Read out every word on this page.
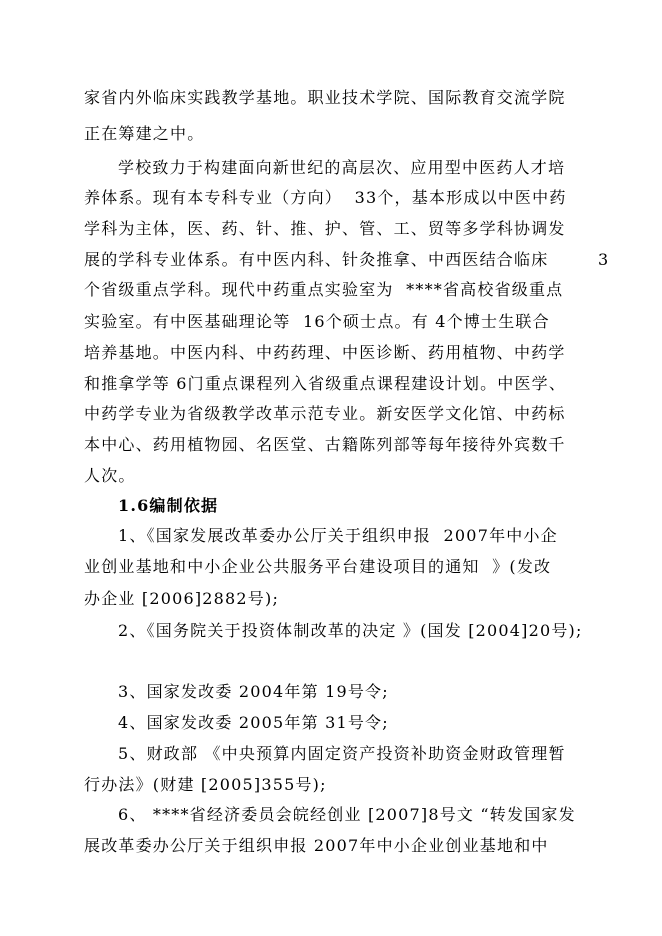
家省内外临床实践教学基地。职业技术学院、国际教育交流学院
正在筹建之中。
学校致力于构建面向新世纪的高层次、应用型中医药人才培
养体系。现有本专科专业（方向）  33个，基本形成以中医中药
学科为主体，医、药、针、推、护、管、工、贸等多学科协调发
展的学科专业体系。有中医内科、针灸推拿、中西医结合临床	3
个省级重点学科。现代中药重点实验室为  ****省高校省级重点
实验室。有中医基础理论等  16个硕士点。有 4个博士生联合
培养基地。中医内科、中药药理、中医诊断、药用植物、中药学
和推拿学等 6门重点课程列入省级重点课程建设计划。中医学、
中药学专业为省级教学改革示范专业。新安医学文化馆、中药标
本中心、药用植物园、名医堂、古籍陈列部等每年接待外宾数千
人次。
1.6编制依据
1、《国家发展改革委办公厅关于组织申报  2007年中小企
业创业基地和中小企业公共服务平台建设项目的通知  》(发改
办企业 [2006]2882号);
2、《国务院关于投资体制改革的决定 》(国发 [2004]20号);
3、国家发改委 2004年第 19号令;
4、国家发改委 2005年第 31号令;
5、财政部 《中央预算内固定资产投资补助资金财政管理暂
行办法》(财建 [2005]355号);
6、 ****省经济委员会皖经创业 [2007]8号文 “转发国家发
展改革委办公厅关于组织申报 2007年中小企业创业基地和中
